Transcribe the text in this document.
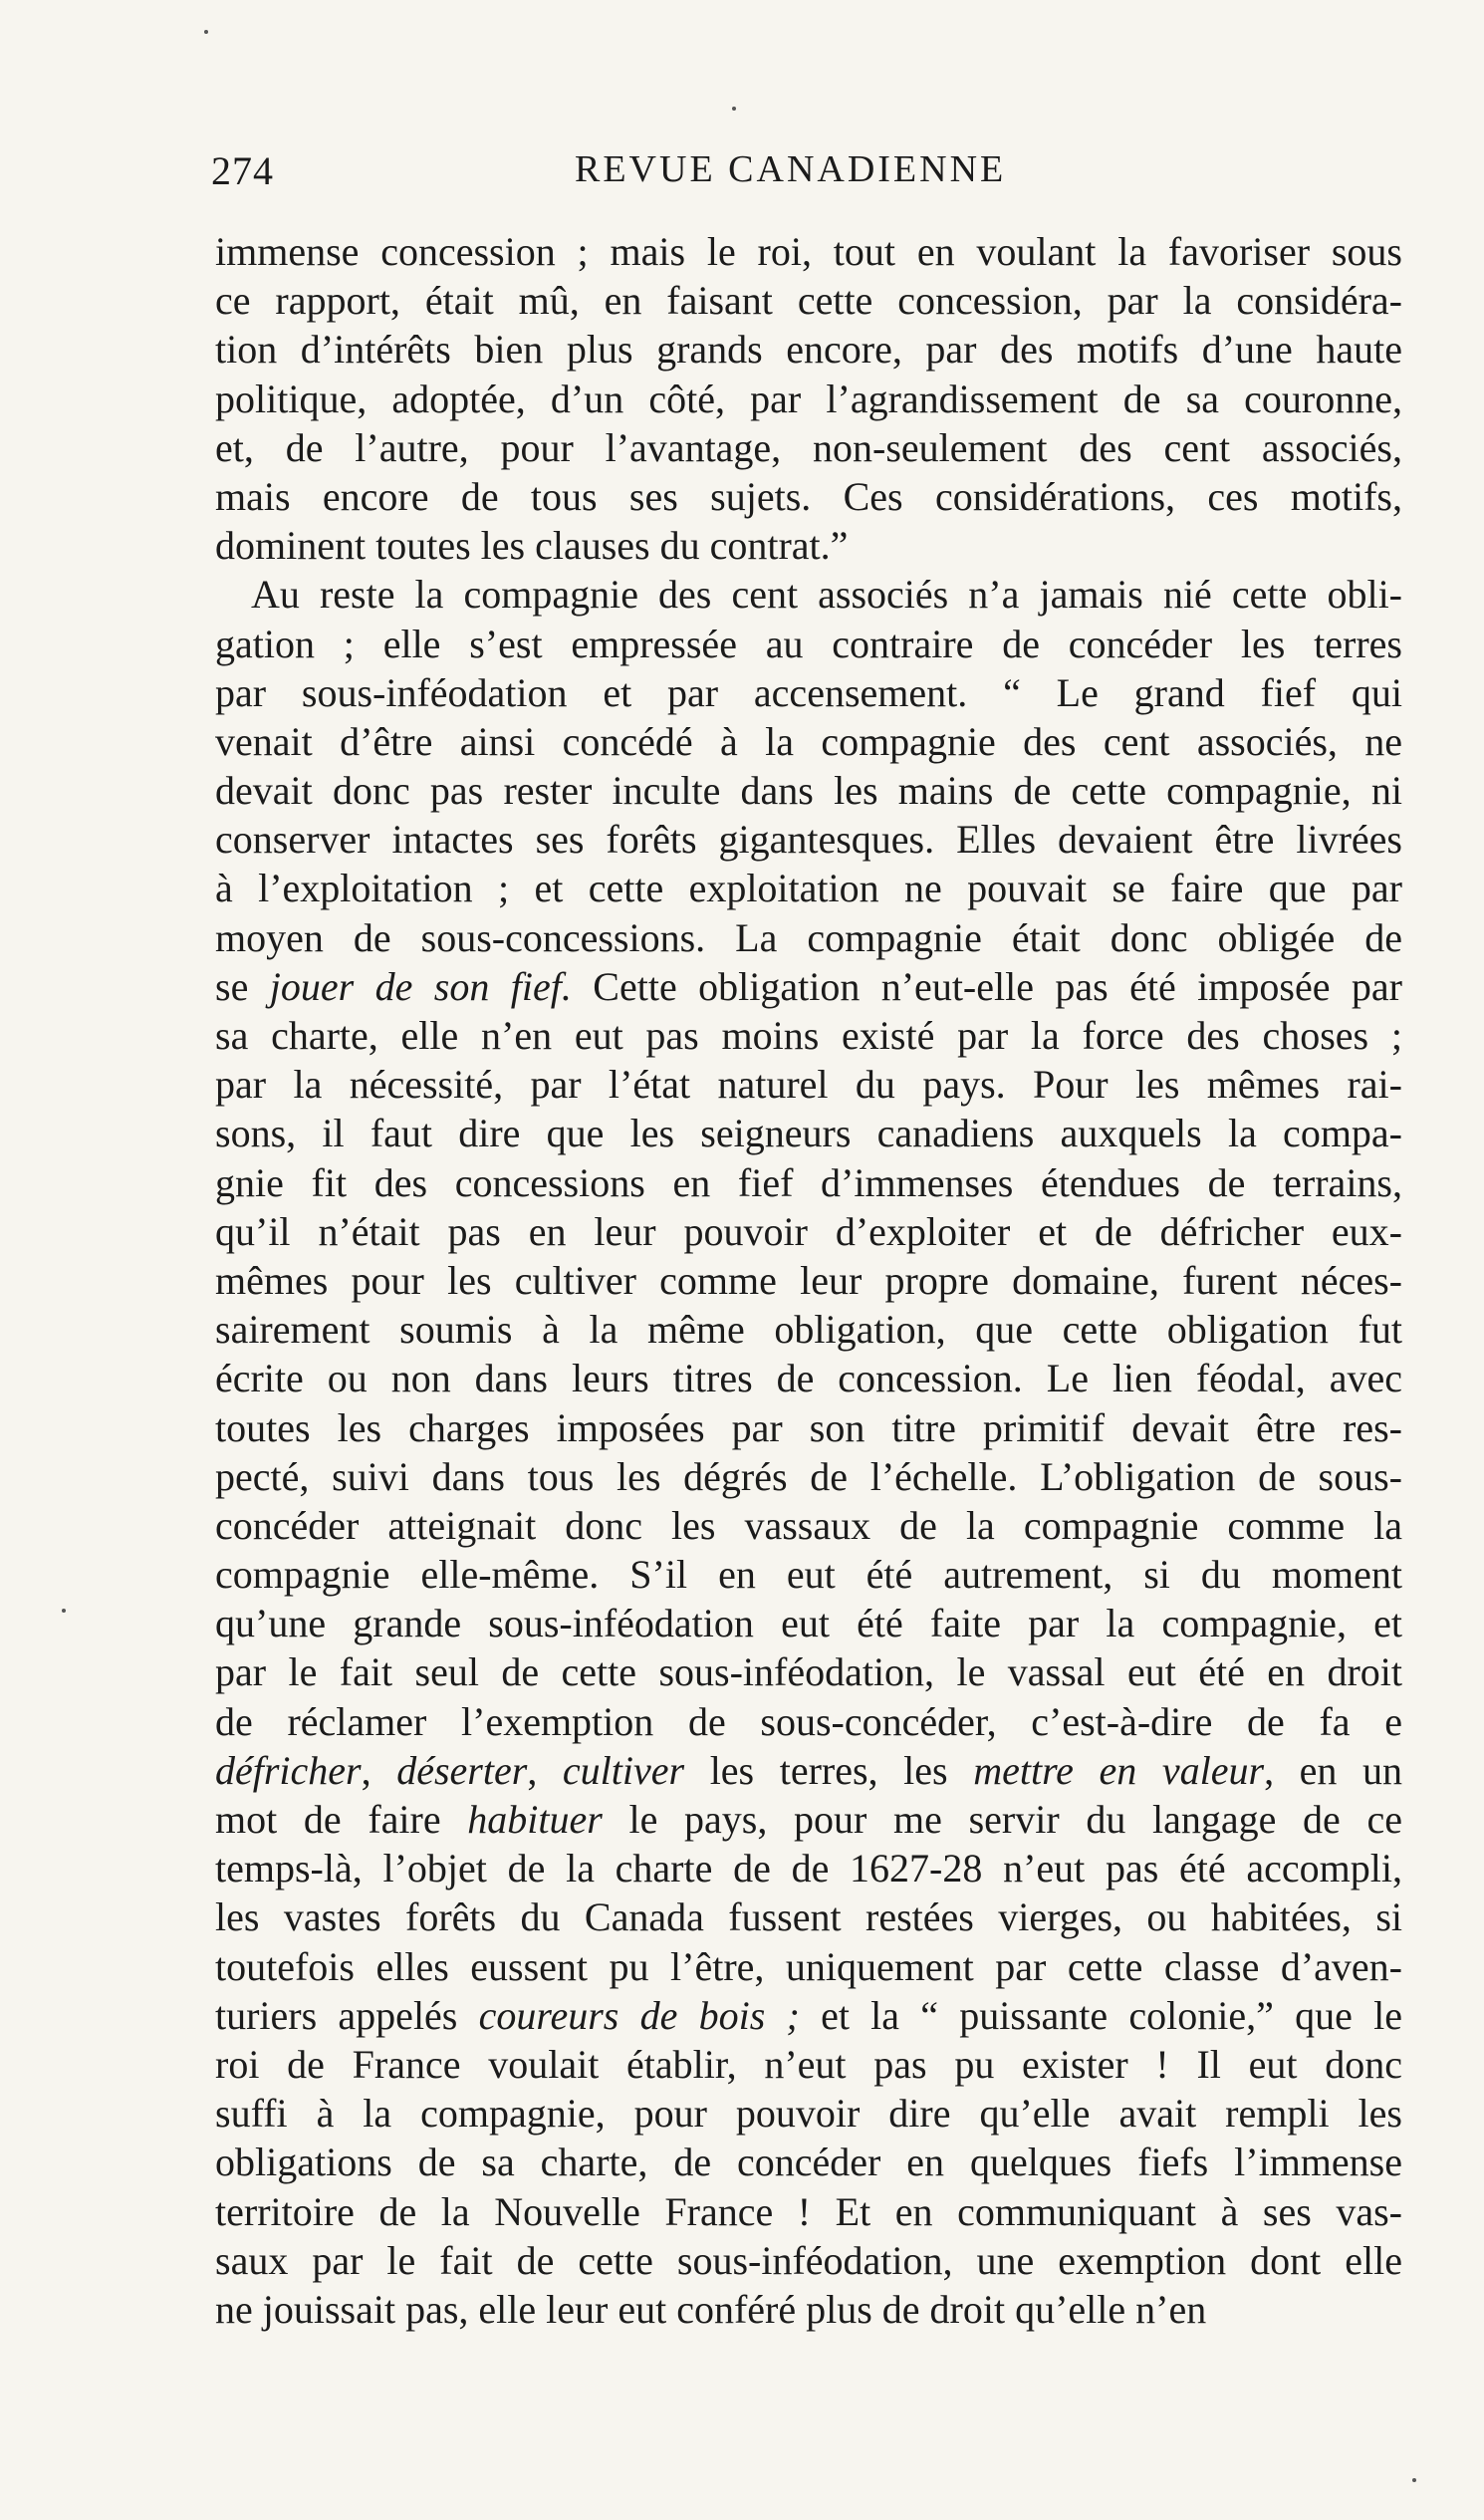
274	REVUE CANADIENNE
immense concession ; mais le roi, tout en voulant la favoriser sous
ce rapport, était mû, en faisant cette concession, par la considéra-
tion d’intérêts bien plus grands encore, par des motifs d’une haute
politique, adoptée, d’un côté, par l’agrandissement de sa couronne,
et, de l’autre, pour l’avantage, non-seulement des cent associés,
mais encore de tous ses sujets. Ces considérations, ces motifs,
dominent toutes les clauses du contrat.”
Au reste la compagnie des cent associés n’a jamais nié cette obli-
gation ; elle s’est empressée au contraire de concéder les terres
par sous-inféodation et par accensement. “ Le grand fief qui
venait d’être ainsi concédé à la compagnie des cent associés, ne
devait donc pas rester inculte dans les mains de cette compagnie, ni
conserver intactes ses forêts gigantesques. Elles devaient être livrées
à l’exploitation ; et cette exploitation ne pouvait se faire que par
moyen de sous-concessions. La compagnie était donc obligée de
se jouer de son fief. Cette obligation n’eut-elle pas été imposée par
sa charte, elle n’en eut pas moins existé par la force des choses ;
par la nécessité, par l’état naturel du pays. Pour les mêmes rai-
sons, il faut dire que les seigneurs canadiens auxquels la compa-
gnie fit des concessions en fief d’immenses étendues de terrains,
qu’il n’était pas en leur pouvoir d’exploiter et de défricher eux-
mêmes pour les cultiver comme leur propre domaine, furent néces-
sairement soumis à la même obligation, que cette obligation fut
écrite ou non dans leurs titres de concession. Le lien féodal, avec
toutes les charges imposées par son titre primitif devait être res-
pecté, suivi dans tous les dégrés de l’échelle. L’obligation de sous-
concéder atteignait donc les vassaux de la compagnie comme la
compagnie elle-même. S’il en eut été autrement, si du moment
qu’une grande sous-inféodation eut été faite par la compagnie, et
par le fait seul de cette sous-inféodation, le vassal eut été en droit
de réclamer l’exemption de sous-concéder, c’est-à-dire de fa e
défricher, déserter, cultiver les terres, les mettre en valeur, en un
mot de faire habituer le pays, pour me servir du langage de ce
temps-là, l’objet de la charte de de 1627-28 n’eut pas été accompli,
les vastes forêts du Canada fussent restées vierges, ou habitées, si
toutefois elles eussent pu l’être, uniquement par cette classe d’aven-
turiers appelés coureurs de bois ; et la “ puissante colonie,” que le
roi de France voulait établir, n’eut pas pu exister ! Il eut donc
suffi à la compagnie, pour pouvoir dire qu’elle avait rempli les
obligations de sa charte, de concéder en quelques fiefs l’immense
territoire de la Nouvelle France ! Et en communiquant à ses vas-
saux par le fait de cette sous-inféodation, une exemption dont elle
ne jouissait pas, elle leur eut conféré plus de droit qu’elle n’en
